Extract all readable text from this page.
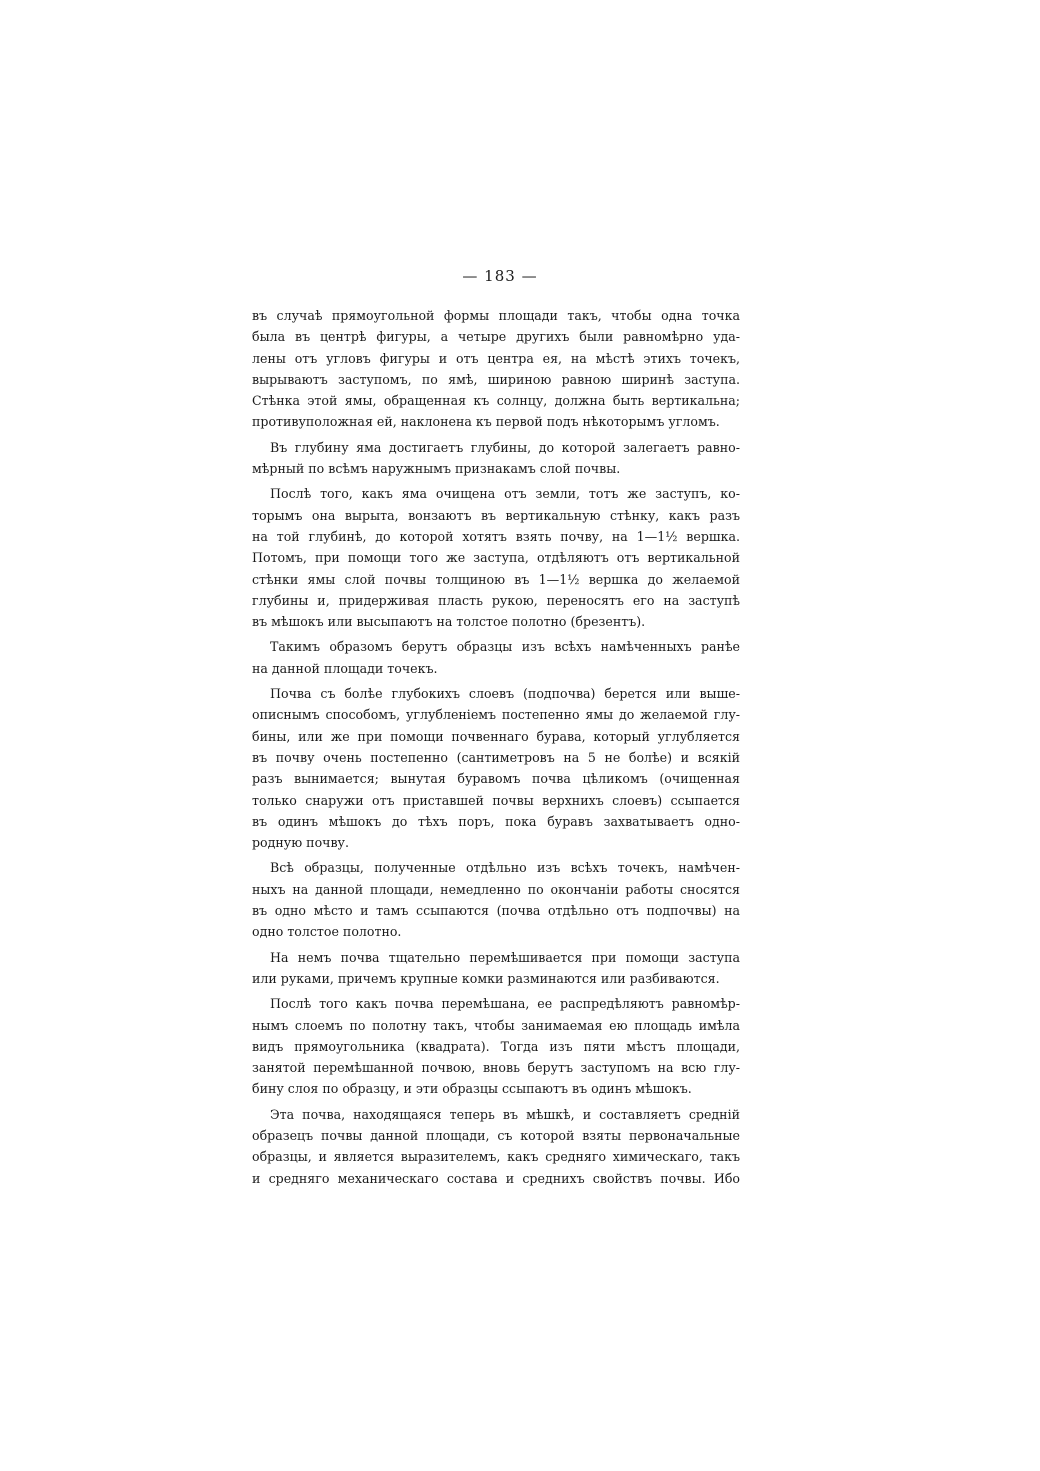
— 183 —
въ случаѣ прямоугольной формы площади такъ, чтобы одна точка
была въ центрѣ фигуры, а четыре другихъ были равномѣрно уда-
лены отъ угловъ фигуры и отъ центра ея, на мѣстѣ этихъ точекъ,
вырываютъ заступомъ, по ямѣ, шириною равною ширинѣ заступа.
Стѣнка этой ямы, обращенная къ солнцу, должна быть вертикальна;
противуположная ей, наклонена къ первой подъ нѣкоторымъ угломъ.
Въ глубину яма достигаетъ глубины, до которой залегаетъ равно-
мѣрный по всѣмъ наружнымъ признакамъ слой почвы.
Послѣ того, какъ яма очищена отъ земли, тотъ же заступъ, ко-
торымъ она вырыта, вонзаютъ въ вертикальную стѣнку, какъ разъ
на той глубинѣ, до которой хотятъ взять почву, на 1—1½ вершка.
Потомъ, при помощи того же заступа, отдѣляютъ отъ вертикальной
стѣнки ямы слой почвы толщиною въ 1—1½ вершка до желаемой
глубины и, придерживая пласть рукою, переносятъ его на заступѣ
въ мѣшокъ или высыпаютъ на толстое полотно (брезентъ).
Такимъ образомъ берутъ образцы изъ всѣхъ намѣченныхъ ранѣе
на данной площади точекъ.
Почва съ болѣе глубокихъ слоевъ (подпочва) берется или выше-
описнымъ способомъ, углубленіемъ постепенно ямы до желаемой глу-
бины, или же при помощи почвеннаго бурава, который углубляется
въ почву очень постепенно (сантиметровъ на 5 не болѣе) и всякій
разъ вынимается; вынутая буравомъ почва цѣликомъ (очищенная
только снаружи отъ приставшей почвы верхнихъ слоевъ) ссыпается
въ одинъ мѣшокъ до тѣхъ поръ, пока буравъ захватываетъ одно-
родную почву.
Всѣ образцы, полученные отдѣльно изъ всѣхъ точекъ, намѣчен-
ныхъ на данной площади, немедленно по окончаніи работы сносятся
въ одно мѣсто и тамъ ссыпаются (почва отдѣльно отъ подпочвы) на
одно толстое полотно.
На немъ почва тщательно перемѣшивается при помощи заступа
или руками, причемъ крупные комки разминаются или разбиваются.
Послѣ того какъ почва перемѣшана, ее распредѣляютъ равномѣр-
нымъ слоемъ по полотну такъ, чтобы занимаемая ею площадь имѣла
видъ прямоугольника (квадрата). Тогда изъ пяти мѣстъ площади,
занятой перемѣшанной почвою, вновь берутъ заступомъ на всю глу-
бину слоя по образцу, и эти образцы ссыпаютъ въ одинъ мѣшокъ.
Эта почва, находящаяся теперь въ мѣшкѣ, и составляетъ средній
образецъ почвы данной площади, съ которой взяты первоначальные
образцы, и является выразителемъ, какъ средняго химическаго, такъ
и средняго механическаго состава и среднихъ свойствъ почвы. Ибо
